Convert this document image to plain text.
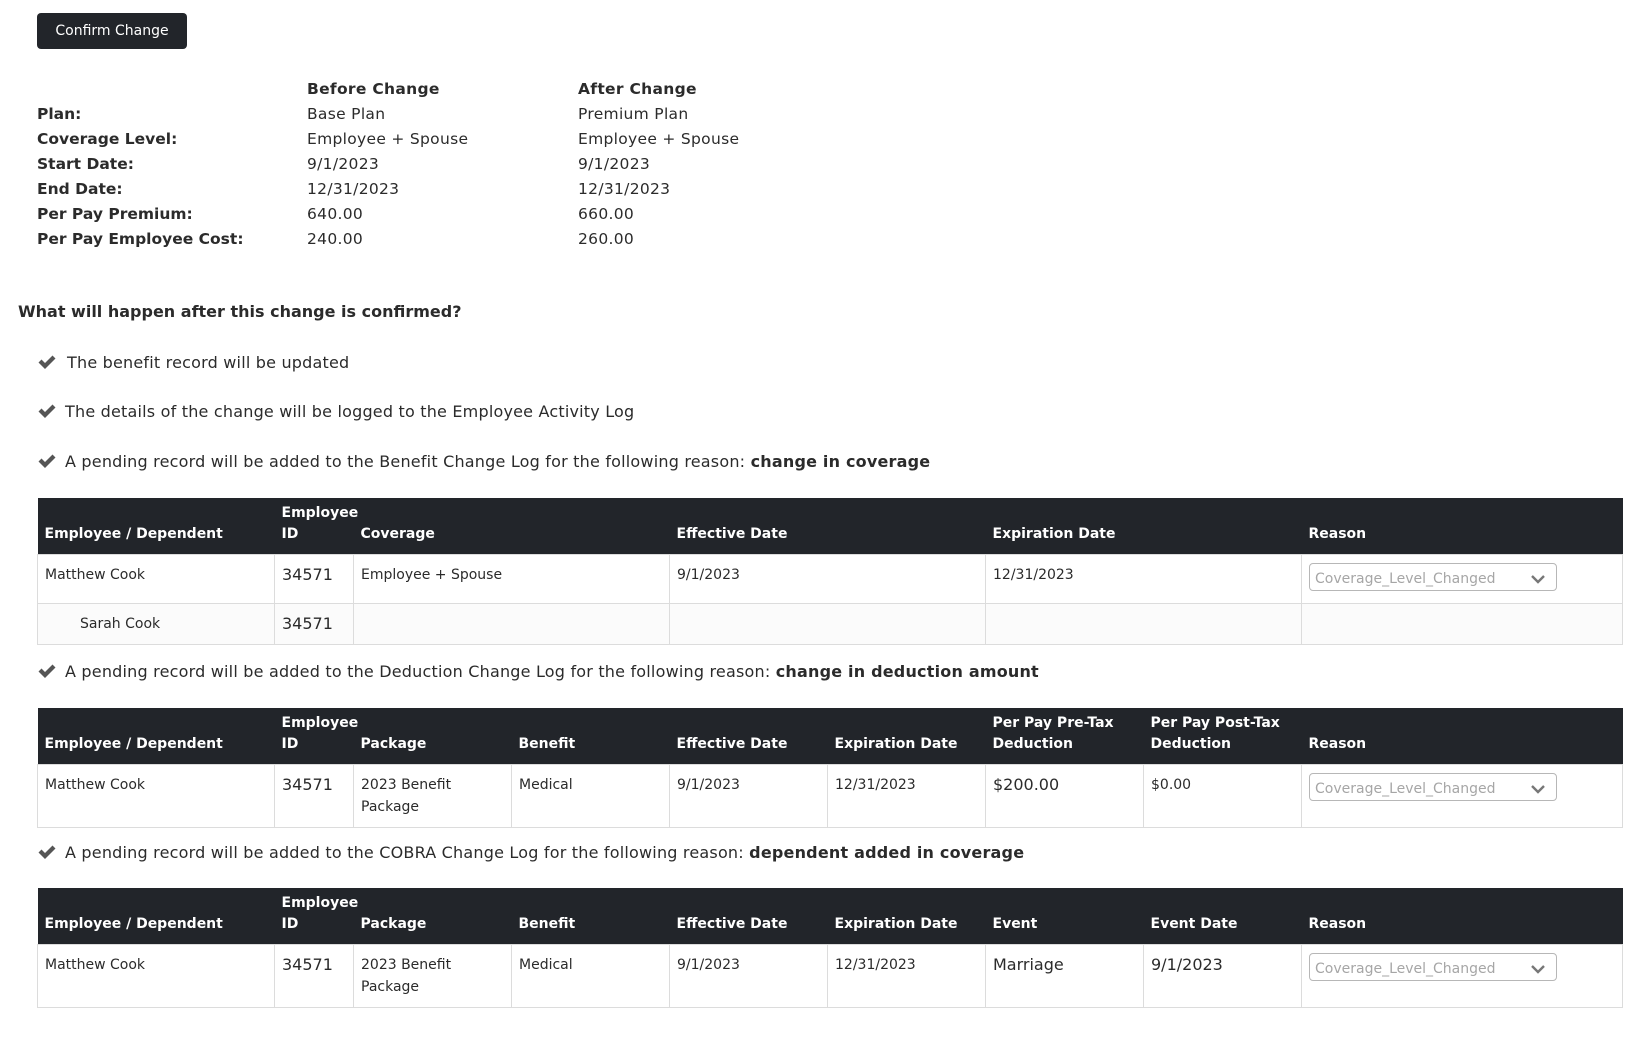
Confirm Change
Before Change	After Change
Plan:	Base Plan	Premium Plan
Coverage Level:	Employee + Spouse	Employee + Spouse
Start Date:	9/1/2023	9/1/2023
End Date:	12/31/2023	12/31/2023
Per Pay Premium:	640.00	660.00
Per Pay Employee Cost:	240.00	260.00
What will happen after this change is confirmed?
The benefit record will be updated
The details of the change will be logged to the Employee Activity Log
A pending record will be added to the Benefit Change Log for the following reason:
change in coverage
Employee / Dependent	Employee ID	Coverage	Effective Date	Expiration Date	Reason
Matthew Cook	34571	Employee + Spouse	9/1/2023	12/31/2023	Coverage_Level_Changed

Sarah Cook	34571				
A pending record will be added to the Deduction Change Log for the following reason:
change in deduction amount
Employee / Dependent	Employee ID	Package	Benefit	Effective Date	Expiration Date	Per Pay Pre-Tax Deduction	Per Pay Post-Tax Deduction	Reason
Matthew Cook	34571	2023 Benefit Package	Medical	9/1/2023	12/31/2023	$200.00	$0.00	Coverage_Level_Changed
A pending record will be added to the COBRA Change Log for the following reason:
dependent added in coverage
Employee / Dependent	Employee ID	Package	Benefit	Effective Date	Expiration Date	Event	Event Date	Reason
Matthew Cook	34571	2023 Benefit Package	Medical	9/1/2023	12/31/2023	Marriage	9/1/2023	Coverage_Level_Changed
